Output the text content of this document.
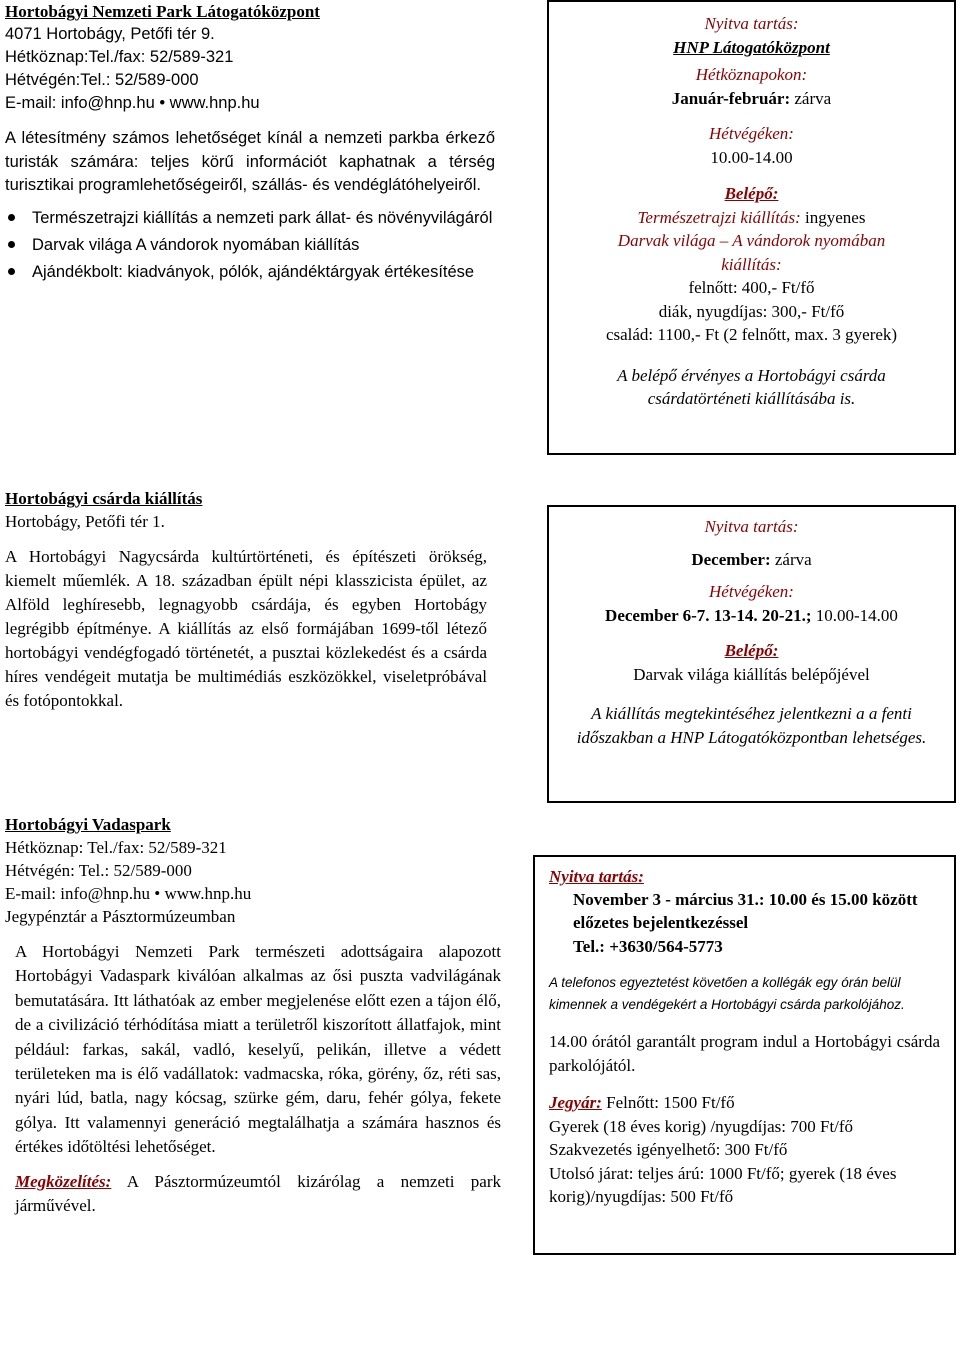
Hortobágyi Nemzeti Park Látogatóközpont

4071 Hortobágy, Petőfi tér 9.

Hétköznap:Tel./fax: 52/589-321

Hétvégén:Tel.: 52/589-000

E-mail: info@hnp.hu • www.hnp.hu

A létesítmény számos lehetőséget kínál a nemzeti parkba érkező turisták számára: teljes körű információt kaphatnak a térség turisztikai programlehetőségeiről, szállás- és vendéglátóhelyeiről.

Természetrajzi kiállítás a nemzeti park állat- és növényvilágáról
Darvak világa A vándorok nyomában kiállítás
Ajándékbolt: kiadványok, pólók, ajándéktárgyak értékesítése

Nyitva tartás:

HNP Látogatóközpont

Hétköznapokon:

Január-február: zárva

Hétvégéken:

10.00-14.00

Belépő:

Természetrajzi kiállítás: ingyenes

Darvak világa – A vándorok nyomában

kiállítás:

felnőtt: 400,- Ft/fő

diák, nyugdíjas: 300,- Ft/fő

család: 1100,- Ft (2 felnőtt, max. 3 gyerek)

A belépő érvényes a Hortobágyi csárda csárdatörténeti kiállításába is.

Hortobágyi csárda kiállítás

Hortobágy, Petőfi tér 1.

A Hortobágyi Nagycsárda kultúrtörténeti, és építészeti örökség, kiemelt műemlék. A 18. században épült népi klasszicista épület, az Alföld leghíresebb, legnagyobb csárdája, és egyben Hortobágy legrégibb építménye. A kiállítás az első formájában 1699-től létező hortobágyi vendégfogadó történetét, a pusztai közlekedést és a csárda híres vendégeit mutatja be multimédiás eszközökkel, viseletpróbával és fotópontokkal.

Nyitva tartás:

December: zárva

Hétvégéken:

December 6-7. 13-14. 20-21.; 10.00-14.00

Belépő:

Darvak világa kiállítás belépőjével

A kiállítás megtekintéséhez jelentkezni a a fenti időszakban a HNP Látogatóközpontban lehetséges.

Hortobágyi Vadaspark

Hétköznap: Tel./fax: 52/589-321

Hétvégén: Tel.: 52/589-000

E-mail: info@hnp.hu • www.hnp.hu

Jegypénztár a Pásztormúzeumban

A Hortobágyi Nemzeti Park természeti adottságaira alapozott Hortobágyi Vadaspark kiválóan alkalmas az ősi puszta vadvilágának bemutatására. Itt láthatóak az ember megjelenése előtt ezen a tájon élő, de a civilizáció térhódítása miatt a területről kiszorított állatfajok, mint például: farkas, sakál, vadló, keselyű, pelikán, illetve a védett területeken ma is élő vadállatok: vadmacska, róka, görény, őz, réti sas, nyári lúd, batla, nagy kócsag, szürke gém, daru, fehér gólya, fekete gólya. Itt valamennyi generáció megtalálhatja a számára hasznos és értékes időtöltési lehetőséget.

Megközelítés: A Pásztormúzeumtól kizárólag a nemzeti park járművével.

Nyitva tartás:

November 3 - március 31.: 10.00 és 15.00 között előzetes bejelentkezéssel

Tel.: +3630/564-5773

A telefonos egyeztetést követően a kollégák egy órán belül kimennek a vendégekért a Hortobágyi csárda parkolójához.

14.00 órától garantált program indul a Hortobágyi csárda parkolójától.

Jegyár: Felnőtt: 1500 Ft/fő

Gyerek (18 éves korig) /nyugdíjas: 700 Ft/fő

Szakvezetés igényelhető: 300 Ft/fő

Utolsó járat: teljes árú: 1000 Ft/fő; gyerek (18 éves korig)/nyugdíjas: 500 Ft/fő
